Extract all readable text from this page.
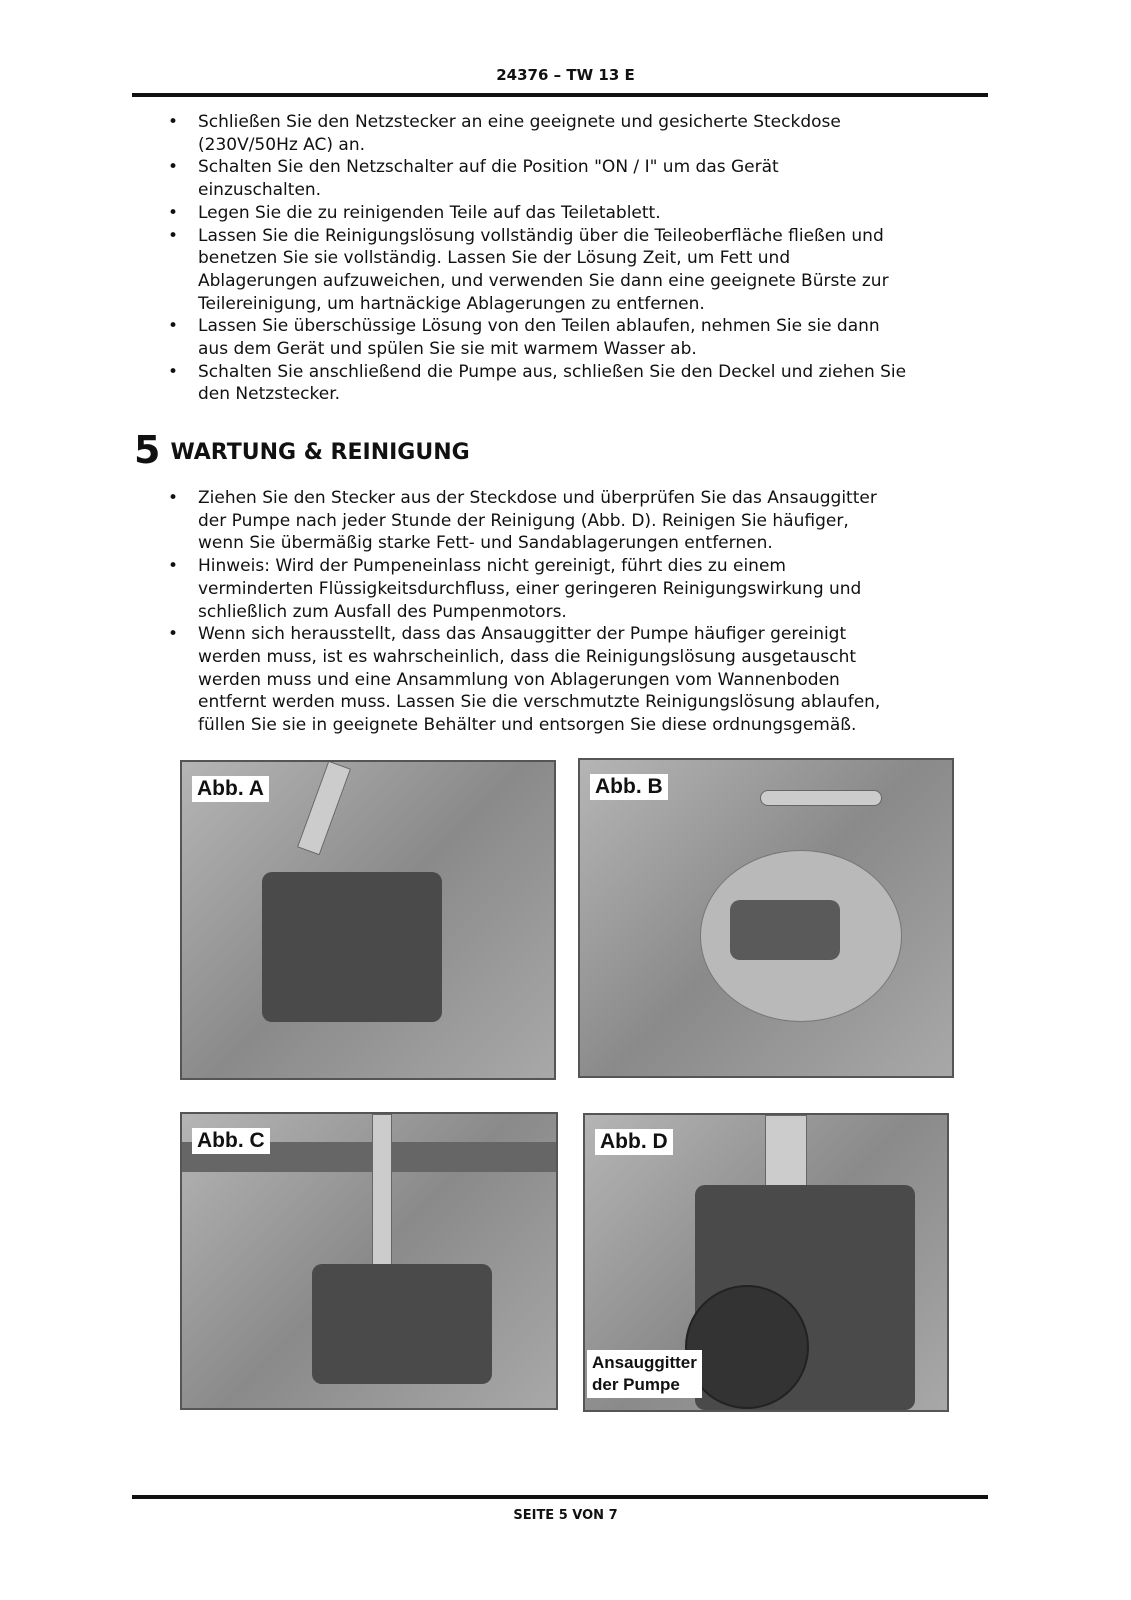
24376 – TW 13 E
• Schließen Sie den Netzstecker an eine geeignete und gesicherte Steckdose
(230V/50Hz AC) an.
• Schalten Sie den Netzschalter auf die Position "ON / I" um das Gerät
einzuschalten.
• Legen Sie die zu reinigenden Teile auf das Teiletablett.
• Lassen Sie die Reinigungslösung vollständig über die Teileoberfläche fließen und
benetzen Sie sie vollständig. Lassen Sie der Lösung Zeit, um Fett und
Ablagerungen aufzuweichen, und verwenden Sie dann eine geeignete Bürste zur
Teilereinigung, um hartnäckige Ablagerungen zu entfernen.
• Lassen Sie überschüssige Lösung von den Teilen ablaufen, nehmen Sie sie dann
aus dem Gerät und spülen Sie sie mit warmem Wasser ab.
• Schalten Sie anschließend die Pumpe aus, schließen Sie den Deckel und ziehen Sie
den Netzstecker.
5 WARTUNG & REINIGUNG
• Ziehen Sie den Stecker aus der Steckdose und überprüfen Sie das Ansauggitter
der Pumpe nach jeder Stunde der Reinigung (Abb. D). Reinigen Sie häufiger,
wenn Sie übermäßig starke Fett- und Sandablagerungen entfernen.
• Hinweis: Wird der Pumpeneinlass nicht gereinigt, führt dies zu einem
verminderten Flüssigkeitsdurchfluss, einer geringeren Reinigungswirkung und
schließlich zum Ausfall des Pumpenmotors.
• Wenn sich herausstellt, dass das Ansauggitter der Pumpe häufiger gereinigt
werden muss, ist es wahrscheinlich, dass die Reinigungslösung ausgetauscht
werden muss und eine Ansammlung von Ablagerungen vom Wannenboden
entfernt werden muss. Lassen Sie die verschmutzte Reinigungslösung ablaufen,
füllen Sie sie in geeignete Behälter und entsorgen Sie diese ordnungsgemäß.
Abb. A	Abb. B
Abb. C	Abb. D
Ansauggitter
der Pumpe
SEITE 5 VON 7
